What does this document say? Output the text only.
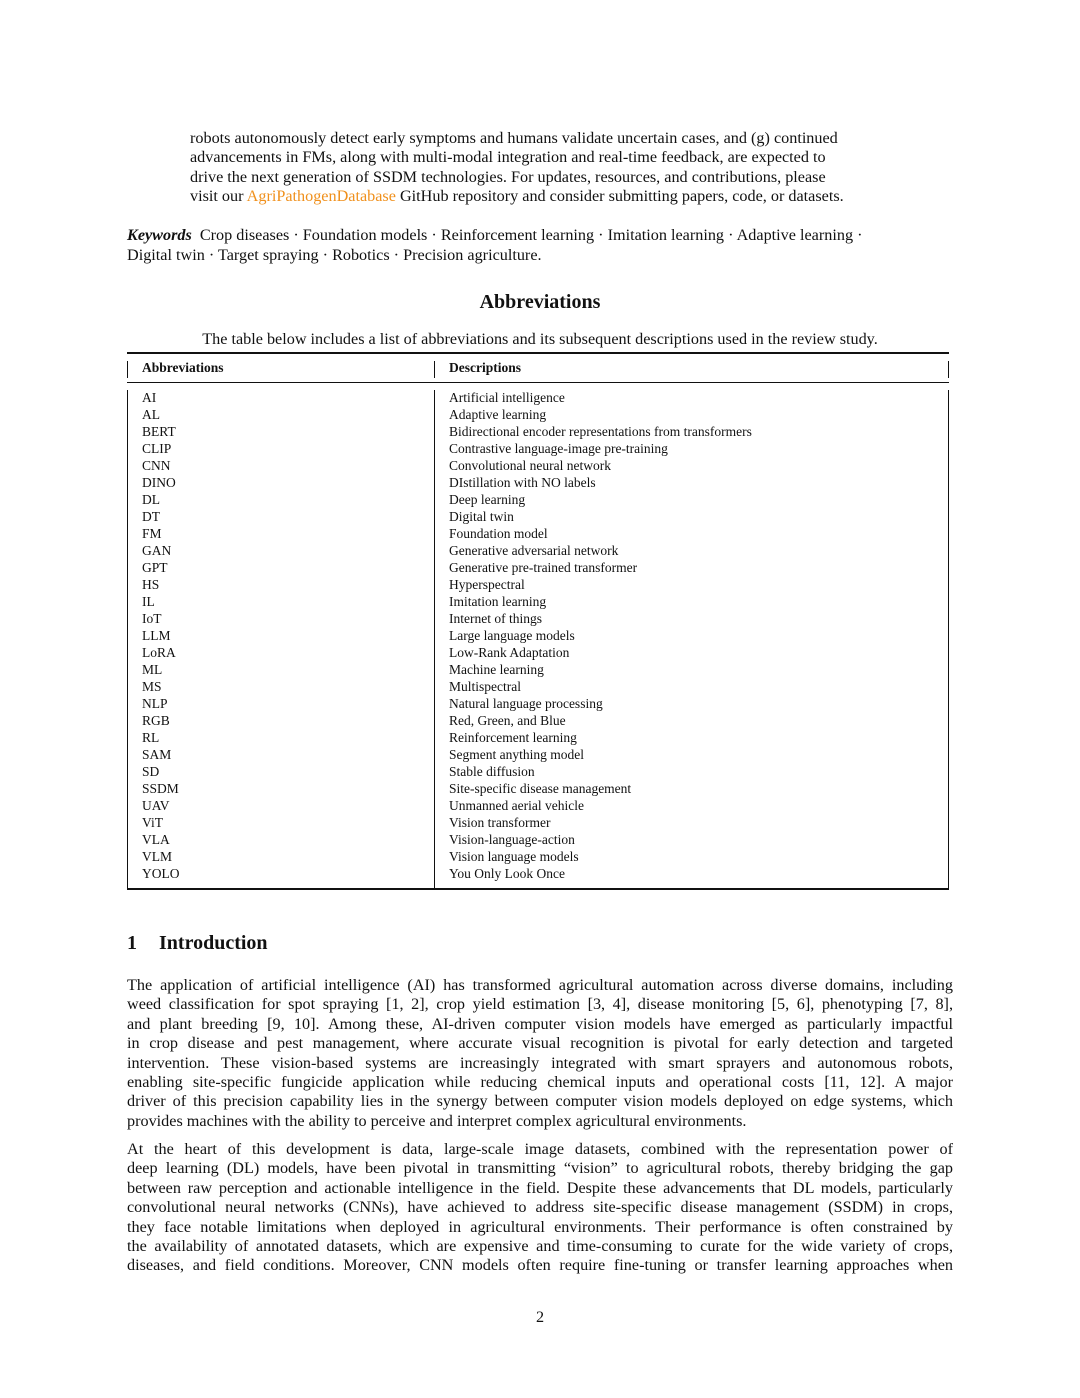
robots autonomously detect early symptoms and humans validate uncertain cases, and (g) continued
advancements in FMs, along with multi-modal integration and real-time feedback, are expected to
drive the next generation of SSDM technologies. For updates, resources, and contributions, please
visit our AgriPathogenDatabase GitHub repository and consider submitting papers, code, or datasets.
Keywords Crop diseases · Foundation models · Reinforcement learning · Imitation learning · Adaptive learning ·
Digital twin · Target spraying · Robotics · Precision agriculture.
Abbreviations
The table below includes a list of abbreviations and its subsequent descriptions used in the review study.
Abbreviations	Descriptions
AI	Artificial intelligence
AL	Adaptive learning
BERT	Bidirectional encoder representations from transformers
CLIP	Contrastive language-image pre-training
CNN	Convolutional neural network
DINO	DIstillation with NO labels
DL	Deep learning
DT	Digital twin
FM	Foundation model
GAN	Generative adversarial network
GPT	Generative pre-trained transformer
HS	Hyperspectral
IL	Imitation learning
IoT	Internet of things
LLM	Large language models
LoRA	Low-Rank Adaptation
ML	Machine learning
MS	Multispectral
NLP	Natural language processing
RGB	Red, Green, and Blue
RL	Reinforcement learning
SAM	Segment anything model
SD	Stable diffusion
SSDM	Site-specific disease management
UAV	Unmanned aerial vehicle
ViT	Vision transformer
VLA	Vision-language-action
VLM	Vision language models
YOLO	You Only Look Once
1 Introduction
The application of artificial intelligence (AI) has transformed agricultural automation across diverse domains, including
weed classification for spot spraying [1, 2], crop yield estimation [3, 4], disease monitoring [5, 6], phenotyping [7, 8],
and plant breeding [9, 10]. Among these, AI-driven computer vision models have emerged as particularly impactful
in crop disease and pest management, where accurate visual recognition is pivotal for early detection and targeted
intervention. These vision-based systems are increasingly integrated with smart sprayers and autonomous robots,
enabling site-specific fungicide application while reducing chemical inputs and operational costs [11, 12]. A major
driver of this precision capability lies in the synergy between computer vision models deployed on edge systems, which
provides machines with the ability to perceive and interpret complex agricultural environments.
At the heart of this development is data, large-scale image datasets, combined with the representation power of
deep learning (DL) models, have been pivotal in transmitting “vision” to agricultural robots, thereby bridging the gap
between raw perception and actionable intelligence in the field. Despite these advancements that DL models, particularly
convolutional neural networks (CNNs), have achieved to address site-specific disease management (SSDM) in crops,
they face notable limitations when deployed in agricultural environments. Their performance is often constrained by
the availability of annotated datasets, which are expensive and time-consuming to curate for the wide variety of crops,
diseases, and field conditions. Moreover, CNN models often require fine-tuning or transfer learning approaches when
2
